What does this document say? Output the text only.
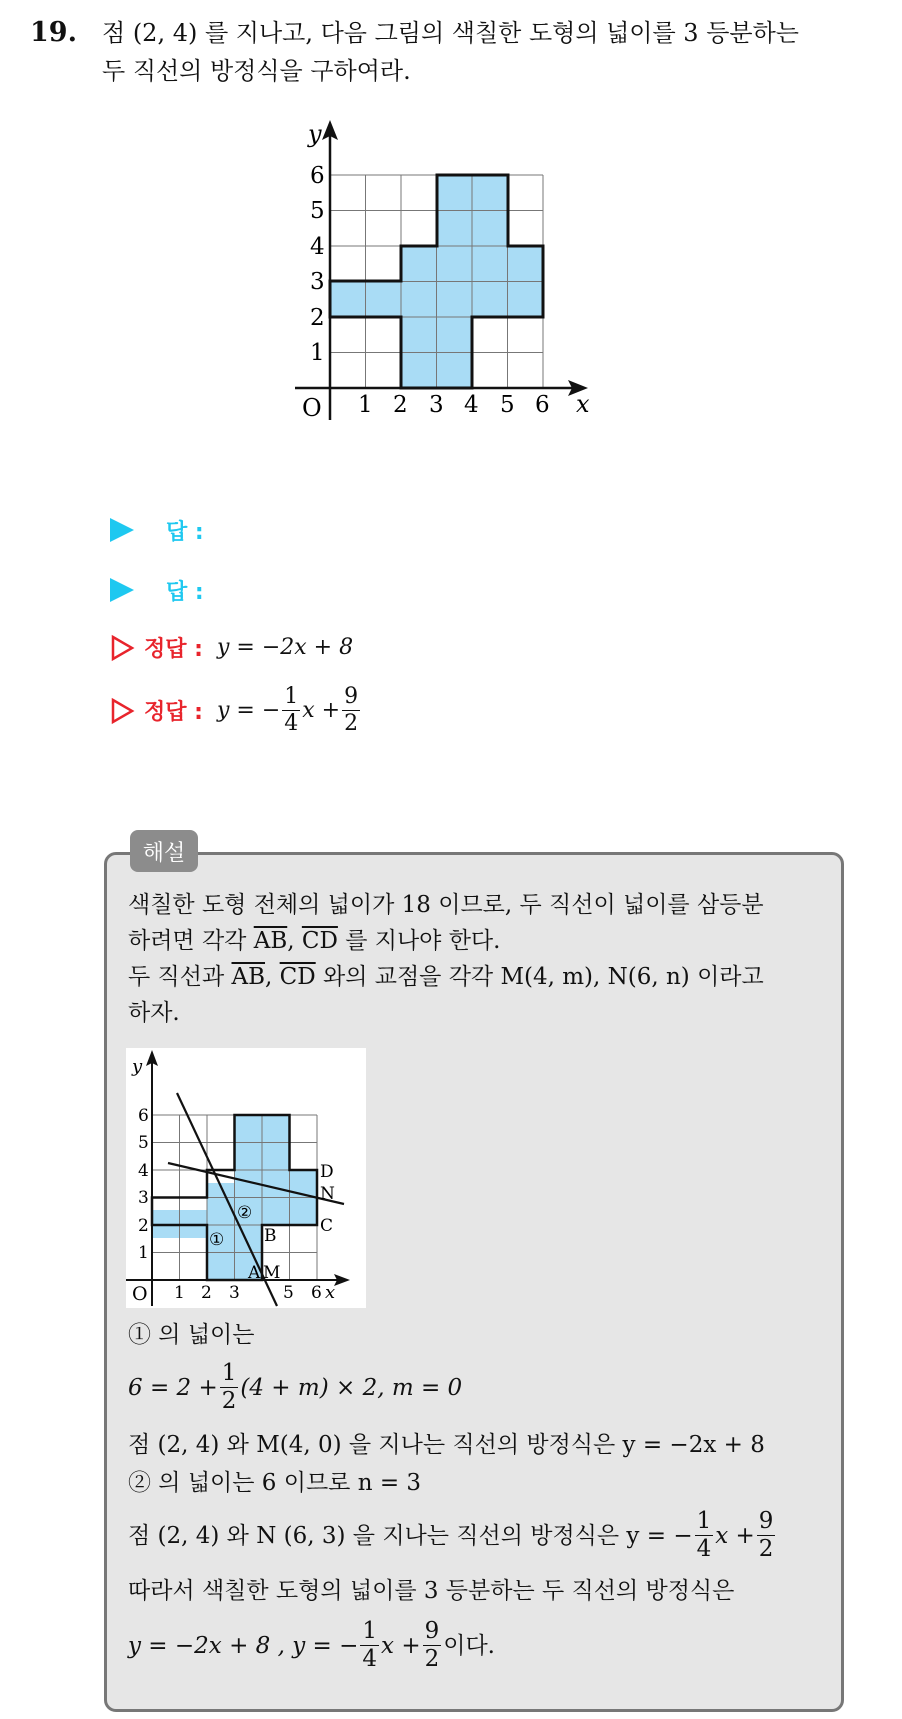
19. 점 (2, 4) 를 지나고, 다음 그림의 색칠한 도형의 넓이를 3 등분하는
두 직선의 방정식을 구하여라.
x
y
O 1 2 3 4 5 6
1
2
3
4
5
6
답 :
답 :
정답 : y = −2x + 8
정답 : y = − $\frac{1}{4}$ $x + \frac{9}{2}$
해설
색칠한 도형 전체의 넓이가 18 이므로, 두 직선이 넓이를 삼등분
하려면 각각 $\overline{AB}$, $\overline{CD}$ 를 지나야 한다.
두 직선과 $\overline{AB}$, $\overline{CD}$ 와의 교점을 각각 M(4, m), N(6, n) 이라고
하자.
x
y
O 1 2 3	5 6
1
2
3
4
5
6
A M
B	C
D
N
①
②
① 의 넓이는
$6 = 2 + \frac{1}{2} (4 + m) \times 2$, m = 0
점 (2, 4) 와 M(4, 0) 을 지나는 직선의 방정식은 y = −2x + 8
② 의 넓이는 6 이므로 n = 3
점 (2, 4) 와 N (6, 3) 을 지나는 직선의 방정식은 y = − $\frac{1}{4}$ $x + \frac{9}{2}$
따라서 색칠한 도형의 넓이를 3 등분하는 두 직선의 방정식은
y = −2x + 8 , y = − $\frac{1}{4}$ $x + \frac{9}{2}$ 이다.
